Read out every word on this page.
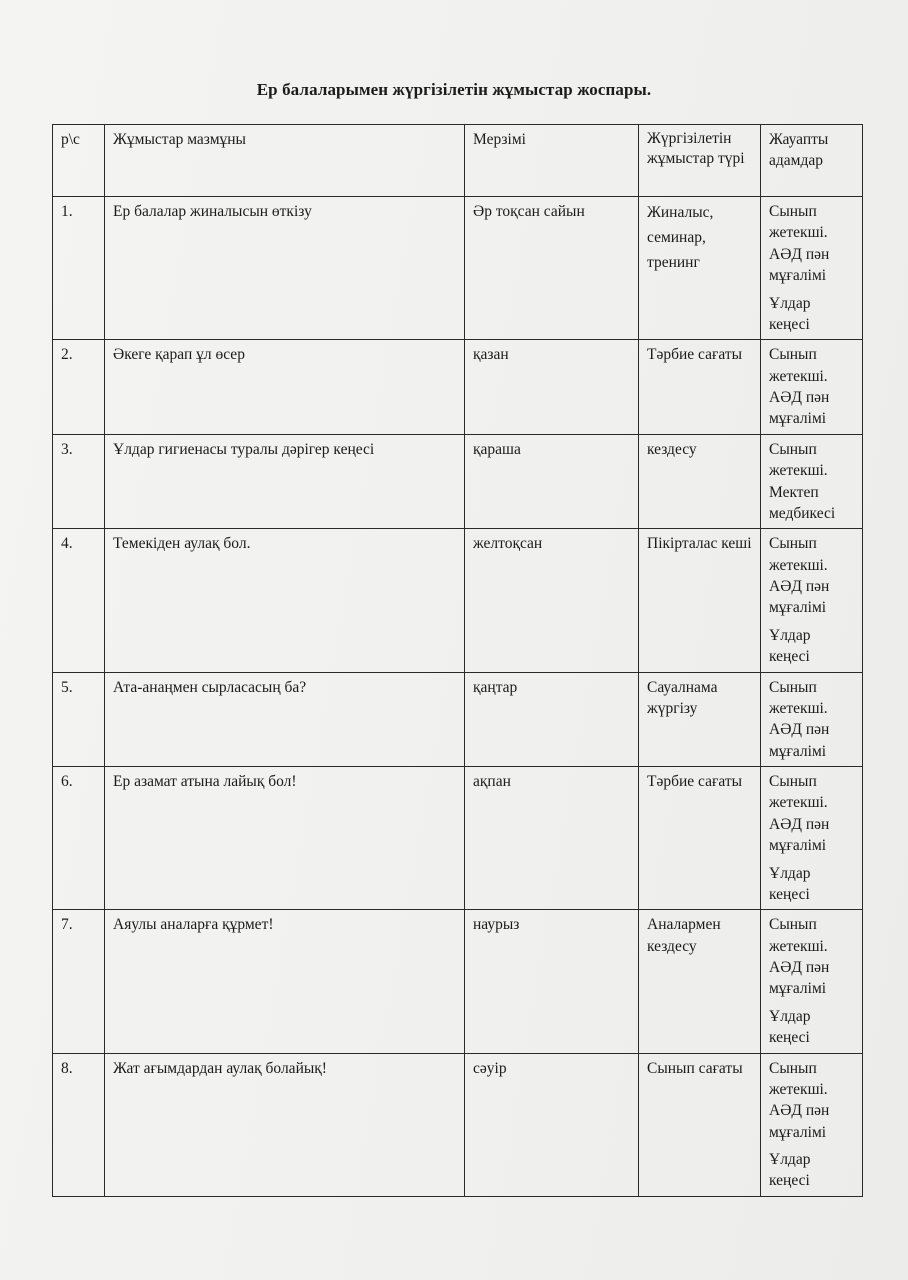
Ер балаларымен жүргізілетін жұмыстар жоспары.
р\с	Жұмыстар мазмұны	Мерзімі	Жүргізілетін жұмыстар түрі	Жауапты адамдар
1.	Ер балалар жиналысын өткізу	Әр тоқсан сайын	Жиналыс,
семинар,
тренинг	Сынып жетекші.
АӘД пән мұғалімі
Ұлдар кеңесі

2.	Әкеге қарап ұл өсер	қазан	Тәрбие сағаты	Сынып жетекші.
АӘД пән мұғалімі

3.	Ұлдар гигиенасы туралы дәрігер кеңесі	қараша	кездесу	Сынып жетекші.
Мектеп медбикесі

4.	Темекіден аулақ бол.	желтоқсан	Пікірталас кеші	Сынып жетекші.
АӘД пән мұғалімі
Ұлдар кеңесі

5.	Ата-анаңмен сырласасың ба?	қаңтар	Сауалнама жүргізу	Сынып жетекші.
АӘД пән мұғалімі

6.	Ер азамат атына лайық бол!	ақпан	Тәрбие сағаты	Сынып жетекші.
АӘД пән мұғалімі
Ұлдар кеңесі

7.	Аяулы аналарға құрмет!	наурыз	Аналармен кездесу	Сынып жетекші.
АӘД пән мұғалімі
Ұлдар кеңесі

8.	Жат ағымдардан аулақ болайық!	сәуір	Сынып сағаты	Сынып жетекші.
АӘД пән мұғалімі
Ұлдар кеңесі
